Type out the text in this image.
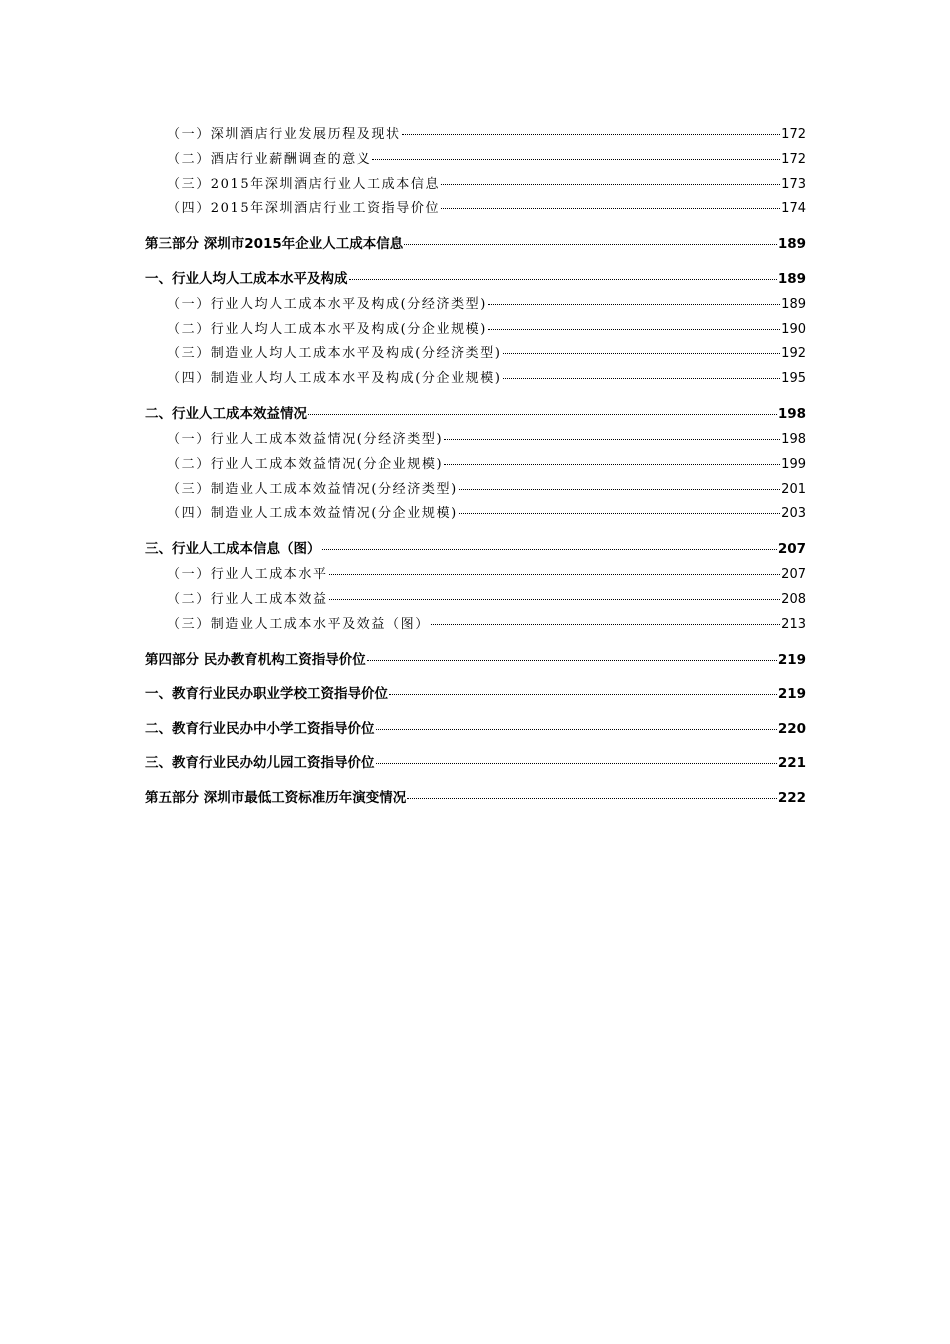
（一）深圳酒店行业发展历程及现状	172
（二）酒店行业薪酬调查的意义	172
（三）2015年深圳酒店行业人工成本信息	173
（四）2015年深圳酒店行业工资指导价位	174
第三部分 深圳市2015年企业人工成本信息	189
一、行业人均人工成本水平及构成	189
（一）行业人均人工成本水平及构成(分经济类型)	189
（二）行业人均人工成本水平及构成(分企业规模)	190
（三）制造业人均人工成本水平及构成(分经济类型)	192
（四）制造业人均人工成本水平及构成(分企业规模)	195
二、行业人工成本效益情况	198
（一）行业人工成本效益情况(分经济类型)	198
（二）行业人工成本效益情况(分企业规模)	199
（三）制造业人工成本效益情况(分经济类型)	201
（四）制造业人工成本效益情况(分企业规模)	203
三、行业人工成本信息（图）	207
（一）行业人工成本水平	207
（二）行业人工成本效益	208
（三）制造业人工成本水平及效益（图）	213
第四部分 民办教育机构工资指导价位	219
一、教育行业民办职业学校工资指导价位	219
二、教育行业民办中小学工资指导价位	220
三、教育行业民办幼儿园工资指导价位	221
第五部分 深圳市最低工资标准历年演变情况	222
